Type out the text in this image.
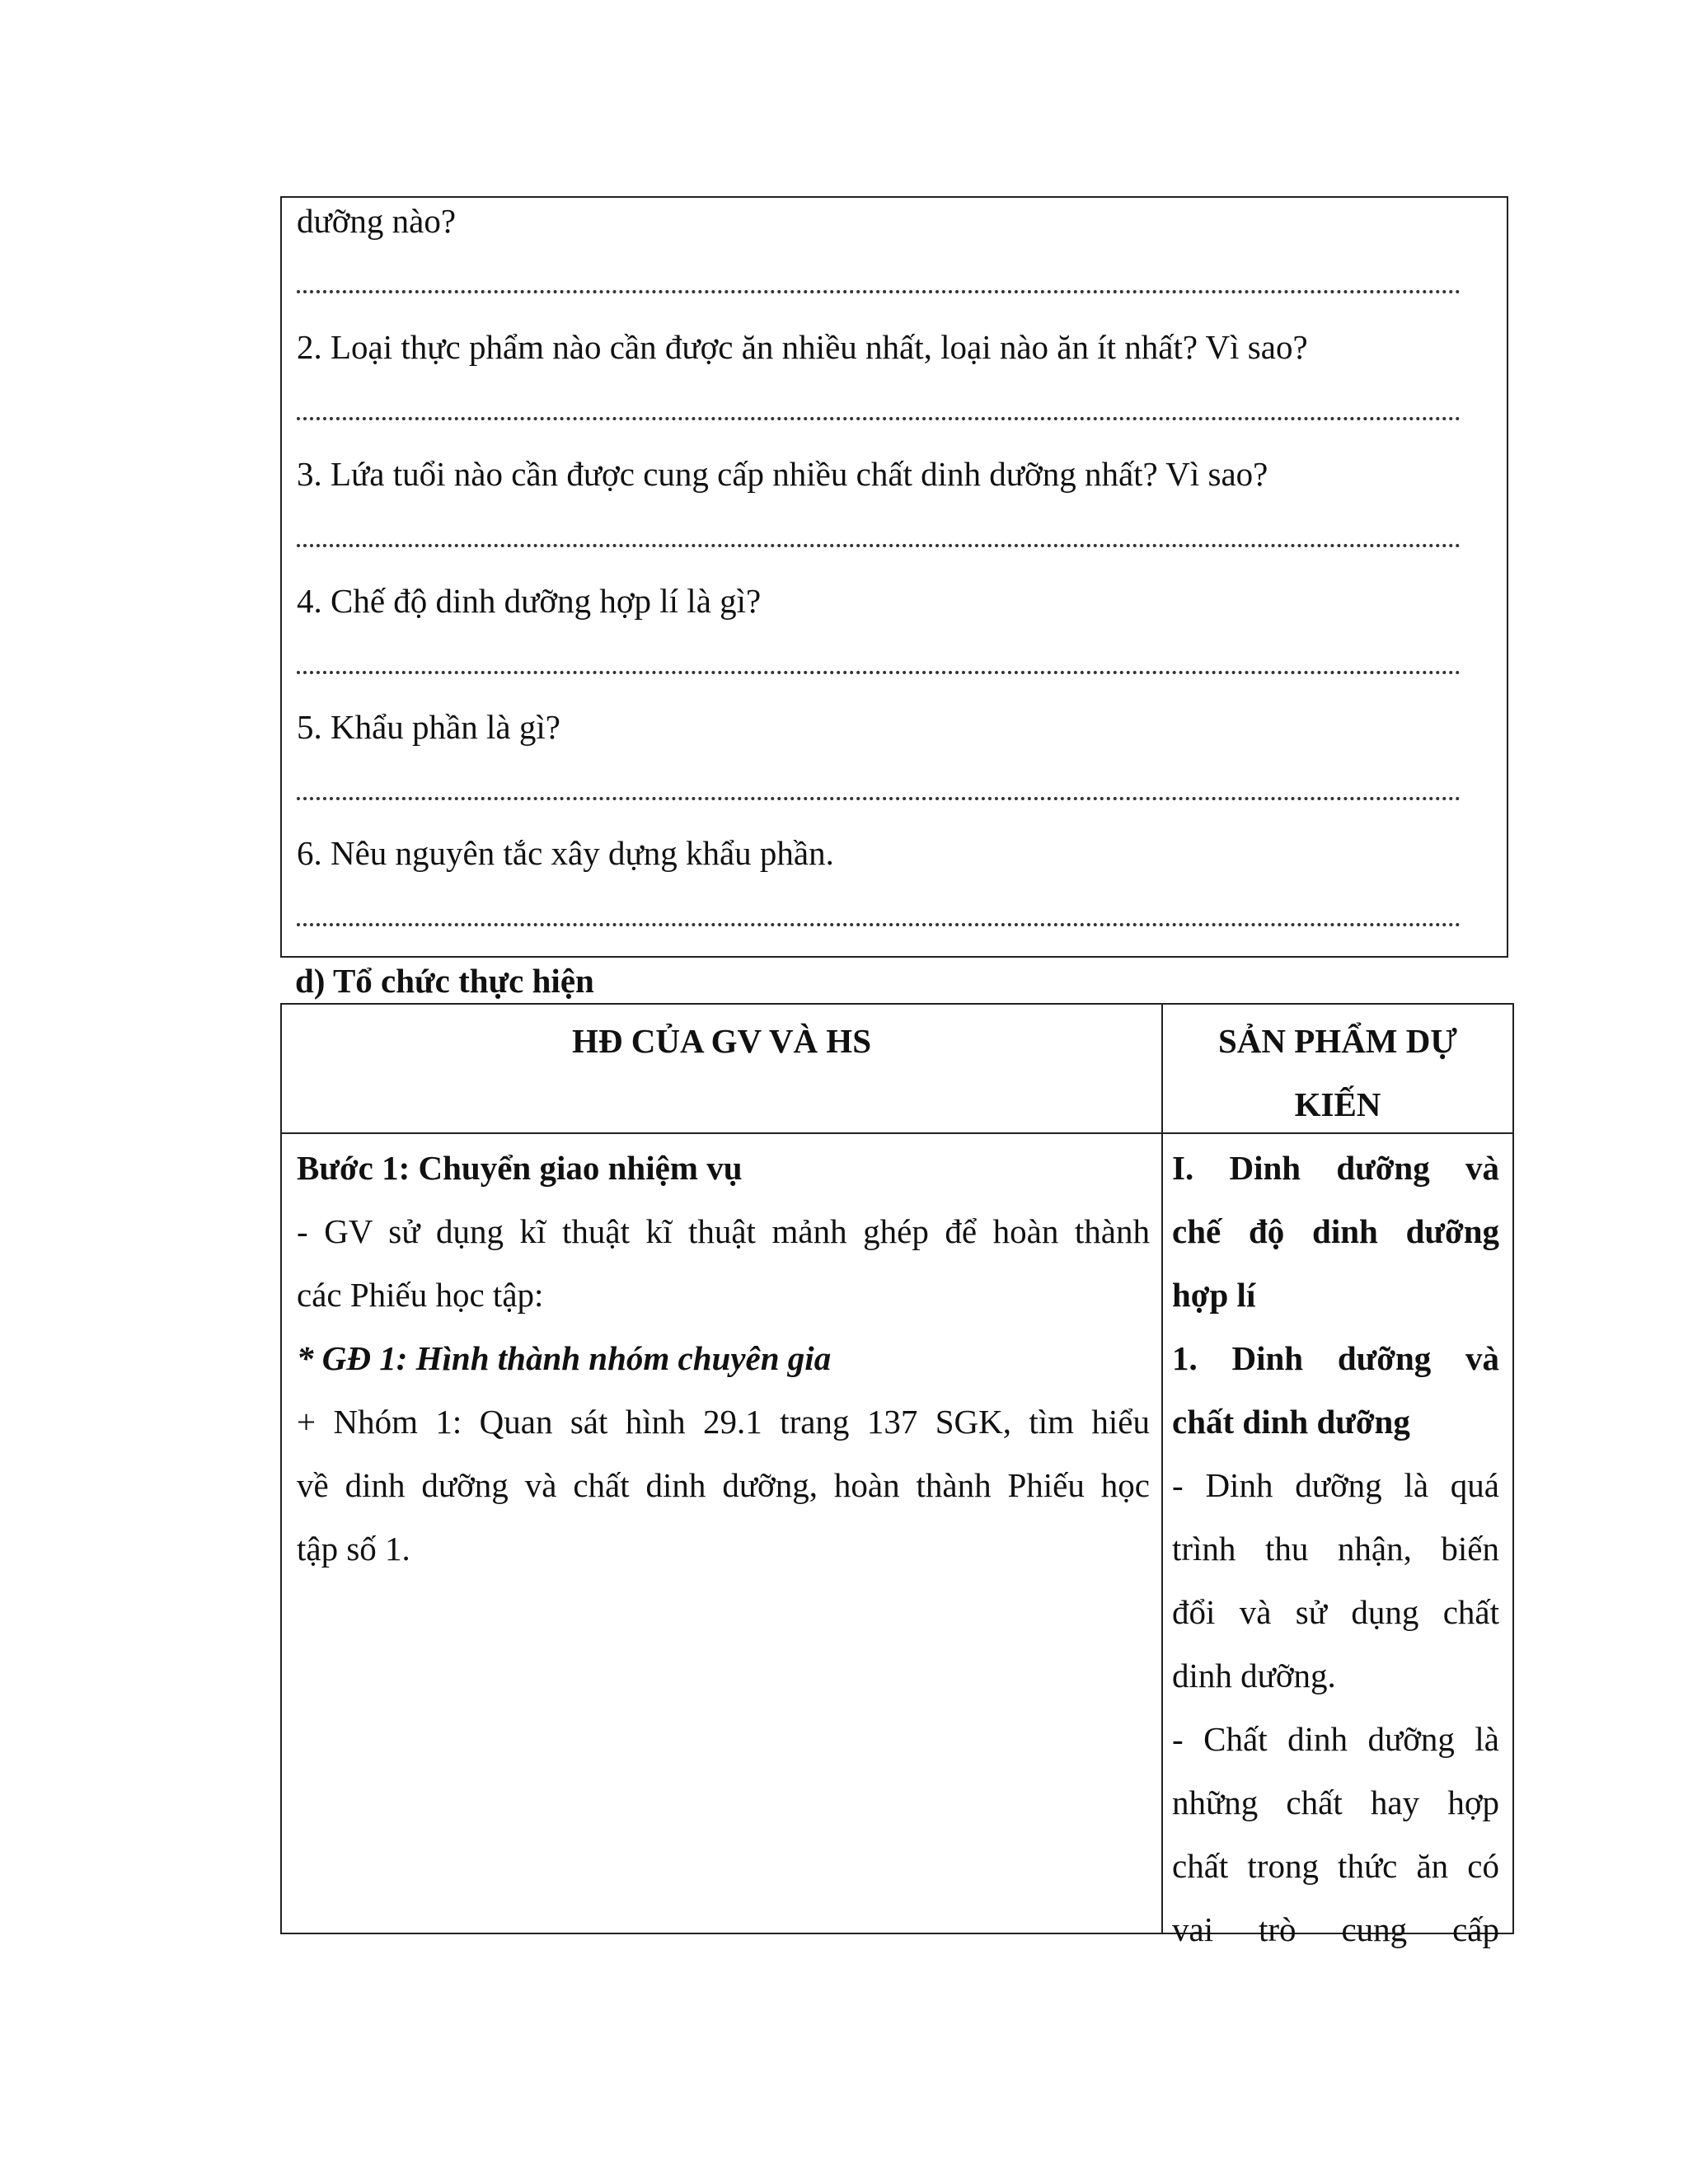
dưỡng nào?
2. Loại thực phẩm nào cần được ăn nhiều nhất, loại nào ăn ít nhất? Vì sao?
3. Lứa tuổi nào cần được cung cấp nhiều chất dinh dưỡng nhất? Vì sao?
4. Chế độ dinh dưỡng hợp lí là gì?
5. Khẩu phần là gì?
6. Nêu nguyên tắc xây dựng khẩu phần.
d) Tổ chức thực hiện
HĐ CỦA GV VÀ HS	SẢN PHẨM DỰ
KIẾN
Bước 1: Chuyển giao nhiệm vụ
- GV sử dụng kĩ thuật kĩ thuật mảnh ghép để hoàn thành
các Phiếu học tập:
* GĐ 1: Hình thành nhóm chuyên gia
+ Nhóm 1: Quan sát hình 29.1 trang 137 SGK, tìm hiểu
về dinh dưỡng và chất dinh dưỡng, hoàn thành Phiếu học
tập số 1.
I. Dinh dưỡng và
chế độ dinh dưỡng
hợp lí
1. Dinh dưỡng và
chất dinh dưỡng
- Dinh dưỡng là quá
trình thu nhận, biến
đổi và sử dụng chất
dinh dưỡng.
- Chất dinh dưỡng là
những chất hay hợp
chất trong thức ăn có
vai trò cung cấp
